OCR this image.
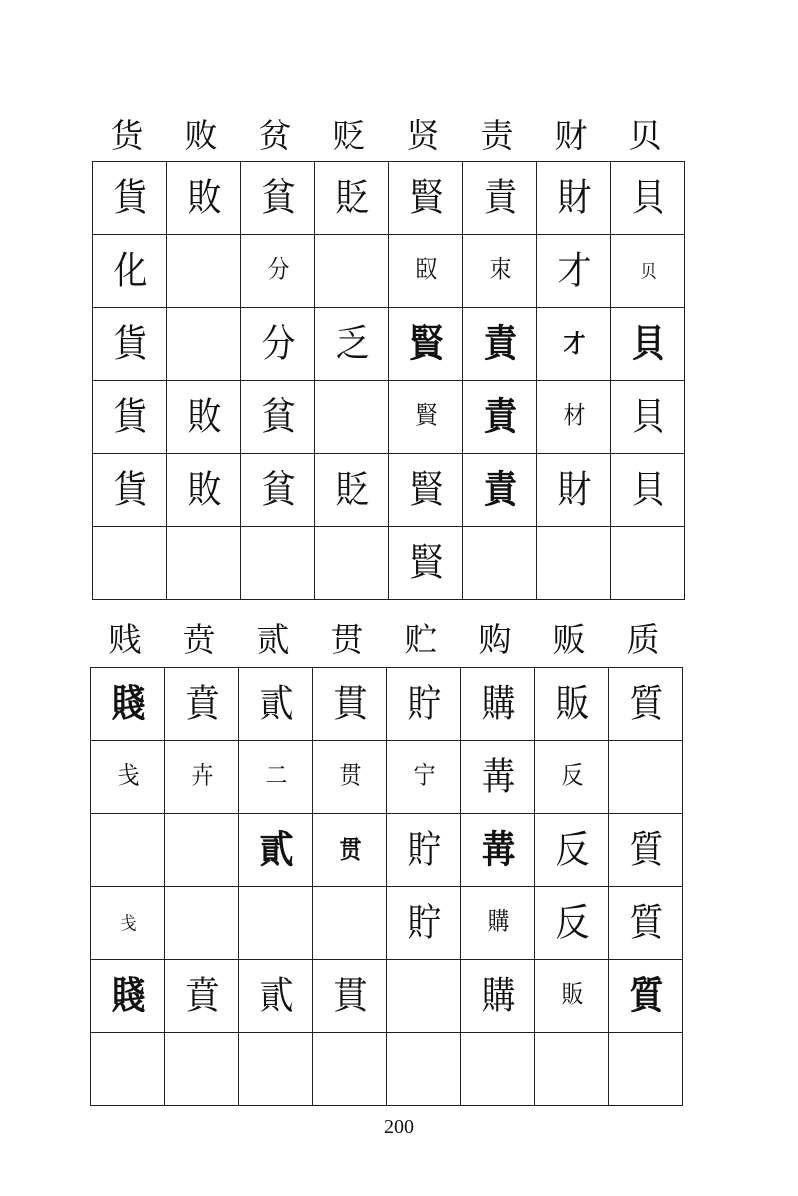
货	败	贫	贬	贤	责	财	贝
貨	敗	貧	貶	賢	責	財	貝
化		分		臤	朿	才	贝
貨		分	乏	賢	責	才	貝
貨	敗	貧		賢	責	材	貝
貨	敗	貧	貶	賢	責	財	貝
				賢			
贱	贲	贰	贯	贮	购	贩	质
賤	賁	貳	貫	貯	購	販	質
戋	卉	二	贯	宁	冓	反	
		貳	贯	貯	冓	反	質
戋				貯	購	反	質
賤	賁	貳	貫		購	販	質

200
